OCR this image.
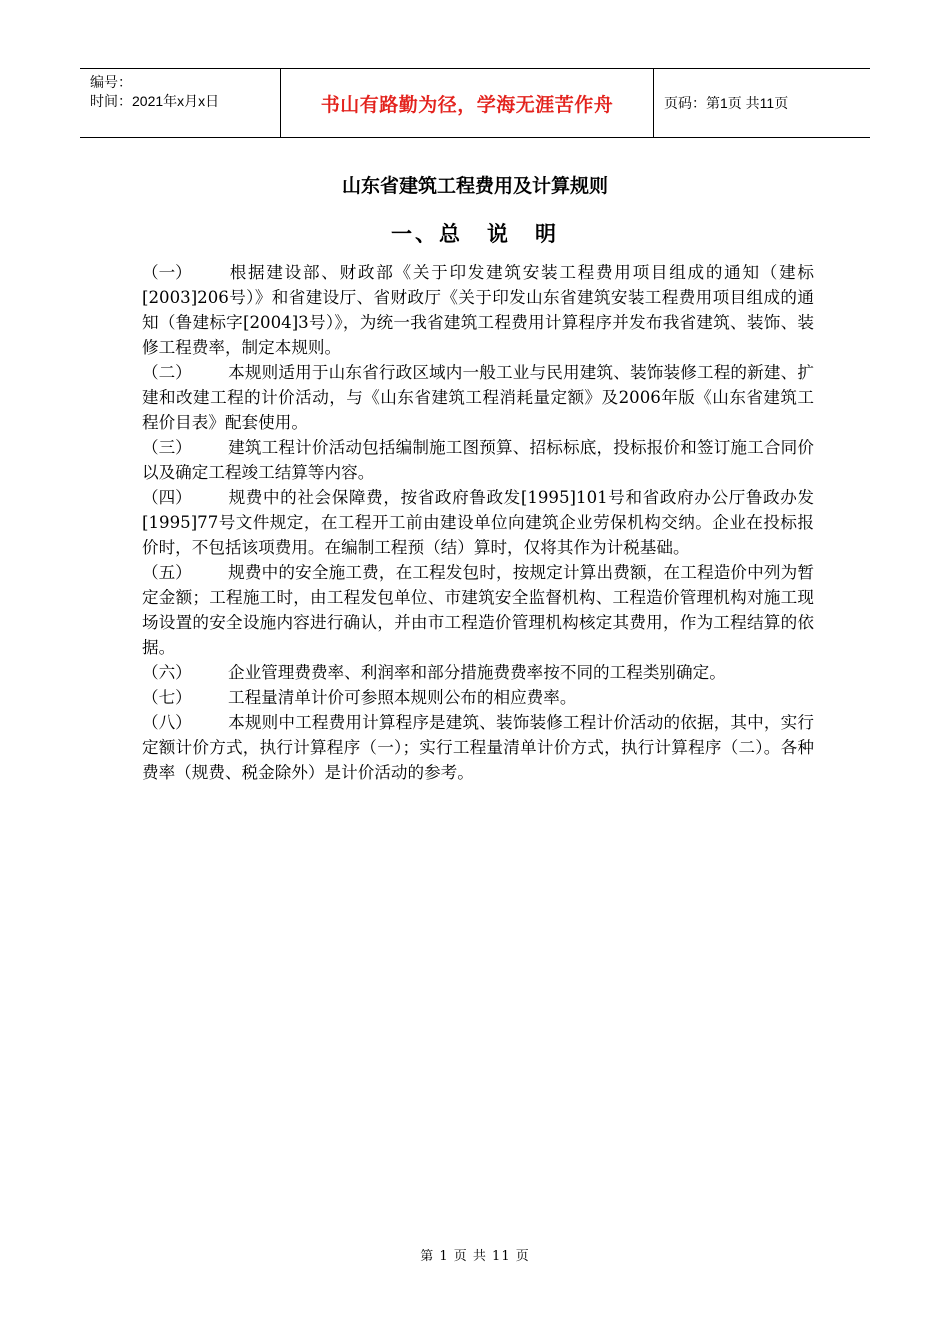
编号：
时间：2021年x月x日	书山有路勤为径，学海无涯苦作舟	页码：第1页 共11页
山东省建筑工程费用及计算规则
一、总　说　明

（一） 根据建设部、财政部《关于印发建筑安装工程费用项目组成的通知（建标[2003]206号）》和省建设厅、省财政厅《关于印发山东省建筑安装工程费用项目组成的通知（鲁建标字[2004]3号）》，为统一我省建筑工程费用计算程序并发布我省建筑、装饰、装修工程费率，制定本规则。

（二） 本规则适用于山东省行政区域内一般工业与民用建筑、装饰装修工程的新建、扩建和改建工程的计价活动，与《山东省建筑工程消耗量定额》及2006年版《山东省建筑工程价目表》配套使用。

（三） 建筑工程计价活动包括编制施工图预算、招标标底，投标报价和签订施工合同价以及确定工程竣工结算等内容。

（四） 规费中的社会保障费，按省政府鲁政发[1995]101号和省政府办公厅鲁政办发[1995]77号文件规定，在工程开工前由建设单位向建筑企业劳保机构交纳。企业在投标报价时，不包括该项费用。在编制工程预（结）算时，仅将其作为计税基础。

（五） 规费中的安全施工费，在工程发包时，按规定计算出费额，在工程造价中列为暂定金额；工程施工时，由工程发包单位、市建筑安全监督机构、工程造价管理机构对施工现场设置的安全设施内容进行确认，并由市工程造价管理机构核定其费用，作为工程结算的依据。

（六） 企业管理费费率、利润率和部分措施费费率按不同的工程类别确定。

（七） 工程量清单计价可参照本规则公布的相应费率。

（八） 本规则中工程费用计算程序是建筑、装饰装修工程计价活动的依据，其中，实行定额计价方式，执行计算程序（一）；实行工程量清单计价方式，执行计算程序（二）。各种费率（规费、税金除外）是计价活动的参考。

第 1 页 共 11 页
